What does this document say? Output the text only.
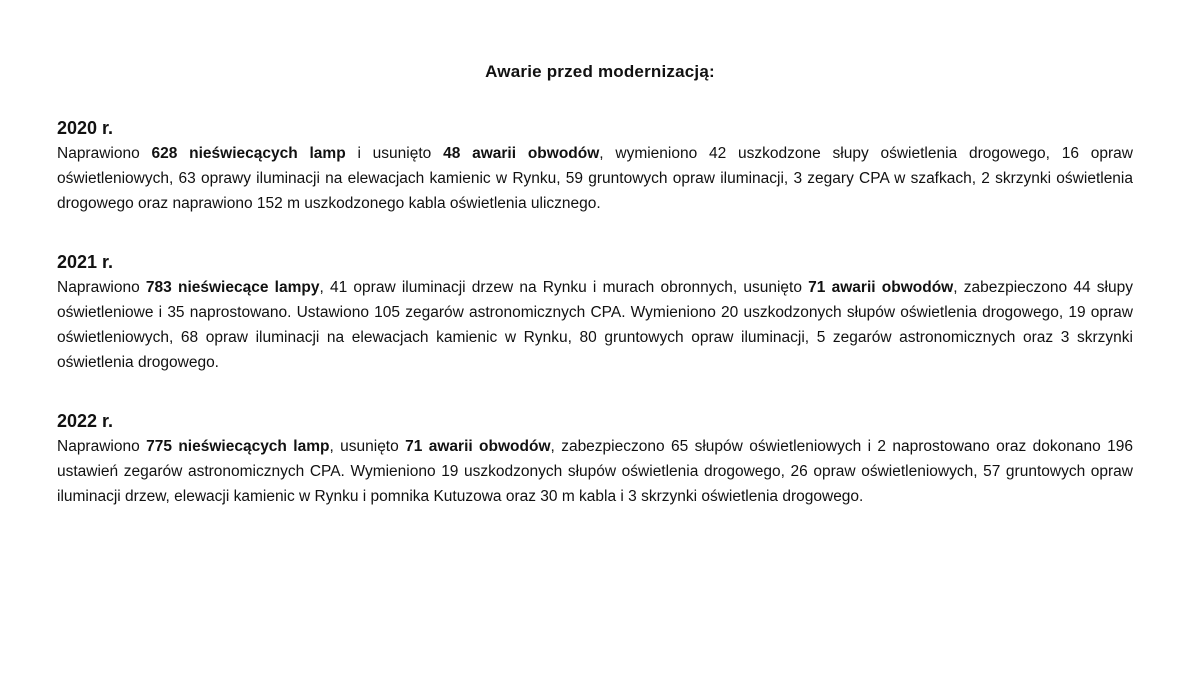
Awarie przed modernizacją:
2020 r.

Naprawiono 628 nieświecących lamp i usunięto 48 awarii obwodów, wymieniono 42 uszkodzone słupy oświetlenia drogowego, 16 opraw oświetleniowych, 63 oprawy iluminacji na elewacjach kamienic w Rynku, 59 gruntowych opraw iluminacji, 3 zegary CPA w szafkach, 2 skrzynki oświetlenia drogowego oraz naprawiono 152 m uszkodzonego kabla oświetlenia ulicznego.

2021 r.

Naprawiono 783 nieświecące lampy, 41 opraw iluminacji drzew na Rynku i murach obronnych, usunięto 71 awarii obwodów, zabezpieczono 44 słupy oświetleniowe i 35 naprostowano. Ustawiono 105 zegarów astronomicznych CPA. Wymieniono 20 uszkodzonych słupów oświetlenia drogowego, 19 opraw oświetleniowych, 68 opraw iluminacji na elewacjach kamienic w Rynku, 80 gruntowych opraw iluminacji, 5 zegarów astronomicznych oraz 3 skrzynki oświetlenia drogowego.

2022 r.

Naprawiono 775 nieświecących lamp, usunięto 71 awarii obwodów, zabezpieczono 65 słupów oświetleniowych i 2 naprostowano oraz dokonano 196 ustawień zegarów astronomicznych CPA. Wymieniono 19 uszkodzonych słupów oświetlenia drogowego, 26 opraw oświetleniowych, 57 gruntowych opraw iluminacji drzew, elewacji kamienic w Rynku i pomnika Kutuzowa oraz 30 m kabla i 3 skrzynki oświetlenia drogowego.
